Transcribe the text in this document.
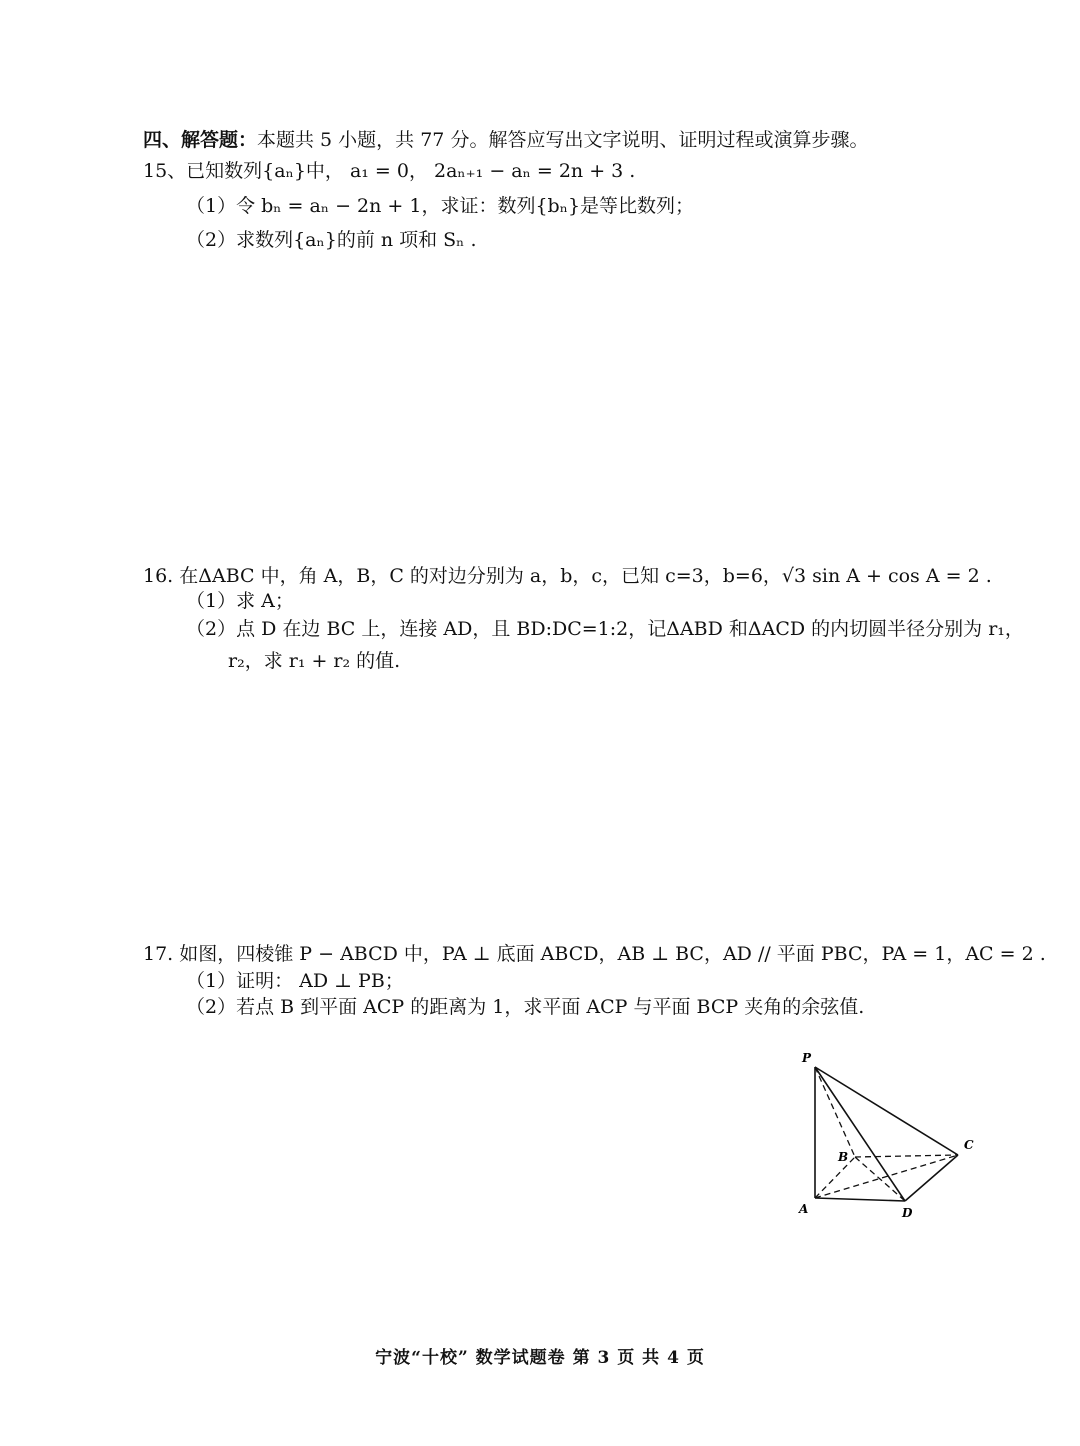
四、解答题：本题共 5 小题，共 77 分。解答应写出文字说明、证明过程或演算步骤。
15、已知数列{aₙ}中， a₁ = 0， 2aₙ₊₁ − aₙ = 2n + 3 .
（1）令 bₙ = aₙ − 2n + 1，求证：数列{bₙ}是等比数列；
（2）求数列{aₙ}的前 n 项和 Sₙ .
16. 在ΔABC 中，角 A，B，C 的对边分别为 a，b，c，已知 c=3，b=6，√3 sin A + cos A = 2 .
（1）求 A；
（2）点 D 在边 BC 上，连接 AD，且 BD:DC=1:2，记ΔABD 和ΔACD 的内切圆半径分别为 r₁，
r₂，求 r₁ + r₂ 的值.
17. 如图，四棱锥 P − ABCD 中，PA ⊥ 底面 ABCD，AB ⊥ BC，AD // 平面 PBC，PA = 1，AC = 2 .
（1）证明： AD ⊥ PB；
（2）若点 B 到平面 ACP 的距离为 1，求平面 ACP 与平面 BCP 夹角的余弦值.
P
A
B
C
D
宁波“十校” 数学试题卷 第 3 页 共 4 页
